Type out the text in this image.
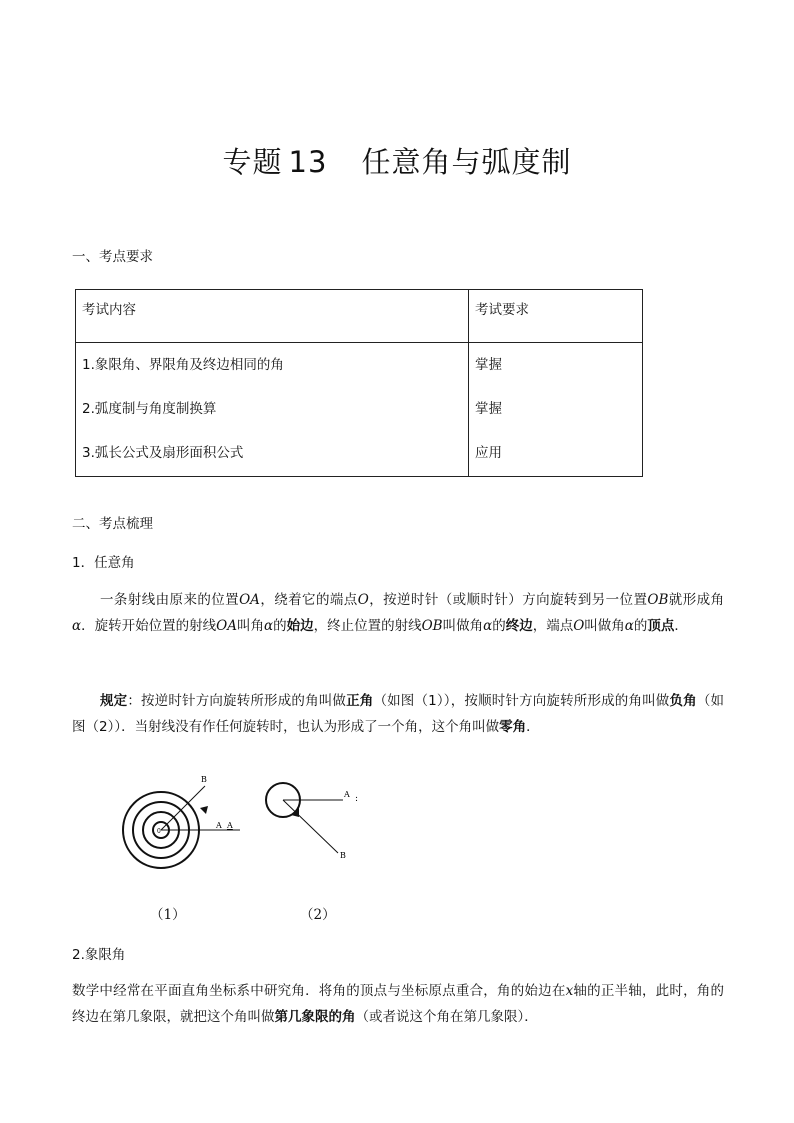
专题 13 任意角与弧度制
一、考点要求
考试内容	考试要求
1.象限角、界限角及终边相同的角	掌握
2.弧度制与角度制换算	掌握
3.弧长公式及扇形面积公式	应用
二、考点梳理
1．任意角
一条射线由原来的位置OA，绕着它的端点O，按逆时针（或顺时针）方向旋转到另一位置OB就形成角α．旋转开始位置的射线OA叫角α的始边，终止位置的射线OB叫做角α的终边，端点O叫做角α的顶点．
规定：按逆时针方向旋转所形成的角叫做正角（如图（1）），按顺时针方向旋转所形成的角叫做负角（如图（2））．当射线没有作任何旋转时，也认为形成了一个角，这个角叫做零角．
B
A A
0
（1）
A :
B
（2）
2.象限角
数学中经常在平面直角坐标系中研究角．将角的顶点与坐标原点重合，角的始边在x轴的正半轴，此时，角的终边在第几象限，就把这个角叫做第几象限的角（或者说这个角在第几象限）．
